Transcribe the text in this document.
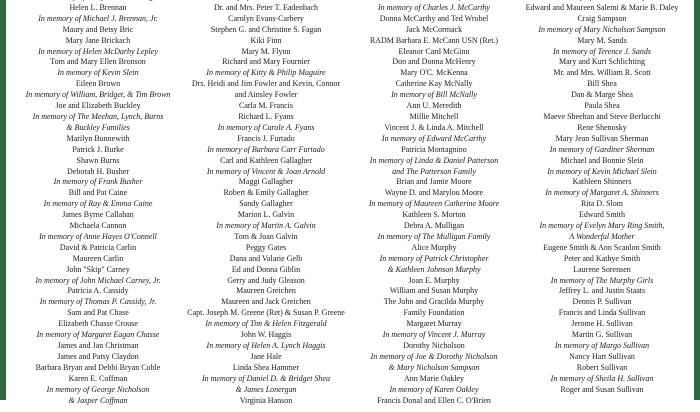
Helen L. Brennan
In memory of Michael J. Brennan, Jr.
Maury and Betsy Bric
Mary Jane Brickach
In memory of Helen McDarby Lepley
Tom and Mary Ellen Bronson
In memory of Kevin Slein
Eileen Brown
In memory of William, Bridget, & Tim Brown
Joe and Elizabeth Buckley
In memory of The Meehan, Lynch, Burns
& Buckley Families
Marilyn Bunnewith
Patrick J. Burke
Shawn Burns
Deborah H. Busher
In memory of Frank Busher
Bill and Pat Caine
In memory of Ray & Emma Caine
James Byrne Callahan
Michaela Cannon
In memory of Anne Hayes O'Connell
David & Patricia Carlin
Maureen Carlin
John "Skip" Carney
In memory of John Michael Carney, Jr.
Patricia A. Cassidy
In memory of Thomas P. Cassidy, Jr.
Sam and Pat Chase
Elizabeth Chasse Crouse
In memory of Margaret Eagan Chasse
James and Jan Christman
James and Patsy Claydon
Barbara Bryan and Debbi Bryan Coble
Karen E. Coffman
In memory of George Nicholson
& Jasper Coffman
Dr. and Mrs. Peter T. Eadenbach
Carolyn Evans-Carbery
Stephen G. and Christine S. Fagan
Kiki Finn
Mary M. Flynn
Richard and Mary Fournier
In memory of Kitty & Philip Maguire
Drs. Heidi and Jim Fowler and Kevin, Connor
and Ainsley Fowler
Carla M. Francis
Richard L. Fyans
In memory of Carole A. Fyans
Francis J. Furtado
In memory of Barbara Carr Furtado
Carl and Kathleen Gallagher
In memory of Vincent & Joan Arnold
Maggi Gallagher
Robert & Emily Gallagher
Sandy Gallagher
Marion L. Galvin
In memory of Martin A. Galvin
Tom & Joan Galvin
Peggy Gates
Dana and Valarie Gelb
Ed and Donna Giblin
Gerry and Judy Gleason
Maureen Greichen
Maureen and Jack Greichen
Capt. Joseph M. Greene (Ret) & Susan P. Greene
In memory of Tim & Helen Fitzgerald
John W. Haggis
In memory of Helen A. Lynch Haggis
Jane Hale
Linda Shea Hammer
In memory of Daniel D. & Bridget Shea
& James Lonergan
Virginia Hanson
In memory of Charles J. McCarthy
Donna McCarthy and Ted Wrobel
Jack McCormack
RADM Barbara E. McCann USN (Ret.)
Eleanor Card McGinn
Don and Donna McHenry
Mary O'C. McKenna
Catherine Kay McNally
In memory of Bill McNally
Ann U. Meredith
Millie Mitchell
Vincent J. & Linda A. Mitchell
In memory of Edward McCarthy
Patricia Montagnino
In memory of Linda & Daniel Patterson
and The Patterson Family
Brian and Jamie Moore
Wayne D. and Marylou Moore
In memory of Maureen Catherine Moore
Kathleen S. Morton
Debra A. Mulligan
In memory of The Mulligan Family
Alice Murphy
In memory of Patrick Christopher
& Kathleen Johnson Murphy
Joan E. Murphy
William and Susan Murphy
The John and Gracilda Murphy
Family Foundation
Margaret Murray
In memory of Vincent J. Murray
Dorothy Nicholson
In memory of Joe & Dorothy Nicholson
& Mary Nicholson Sampson
Ann Marie Oakley
In memory of Karen Oakley
Francis Donal and Ellen C. O'Brien
Edward and Maureen Salemi & Marie B. Daley
Craig Sampson
In memory of Mary Nicholson Sampson
Mary M. Sands
In memory of Terence J. Sands
Mary and Kurt Schlichting
Mr. and Mrs. William R. Scott
Bill Shea
Dan & Marge Shea
Paula Shea
Maeve Sheehan and Steve Berlucchi
Rene Shenosky
Mary Jean Sullivan Sherman
In memory of Gardiner Sherman
Michael and Bonnie Slein
In memory of Kevin Michael Slein
Kathleen Shinners
In memory of Margaret A. Shinners
Rita D. Slom
Edward Smith
In memory of Evelyn Mary Ring Smith,
A Wonderful Mother
Eugene Smith & Ann Scanlon Smith
Peter and Kathye Smith
Laurene Sorensen
In memory of The Murphy Girls
Jeffrey L. and Justin Staats
Dennis P. Sullivan
Francis and Linda Sullivan
Jerome H. Sullivan
Martin G. Sullivan
In memory of Margo Sullivan
Nancy Hart Sullivan
Robert Sullivan
In memory of Sheila H. Sullivan
Roger and Susan Sullivan
